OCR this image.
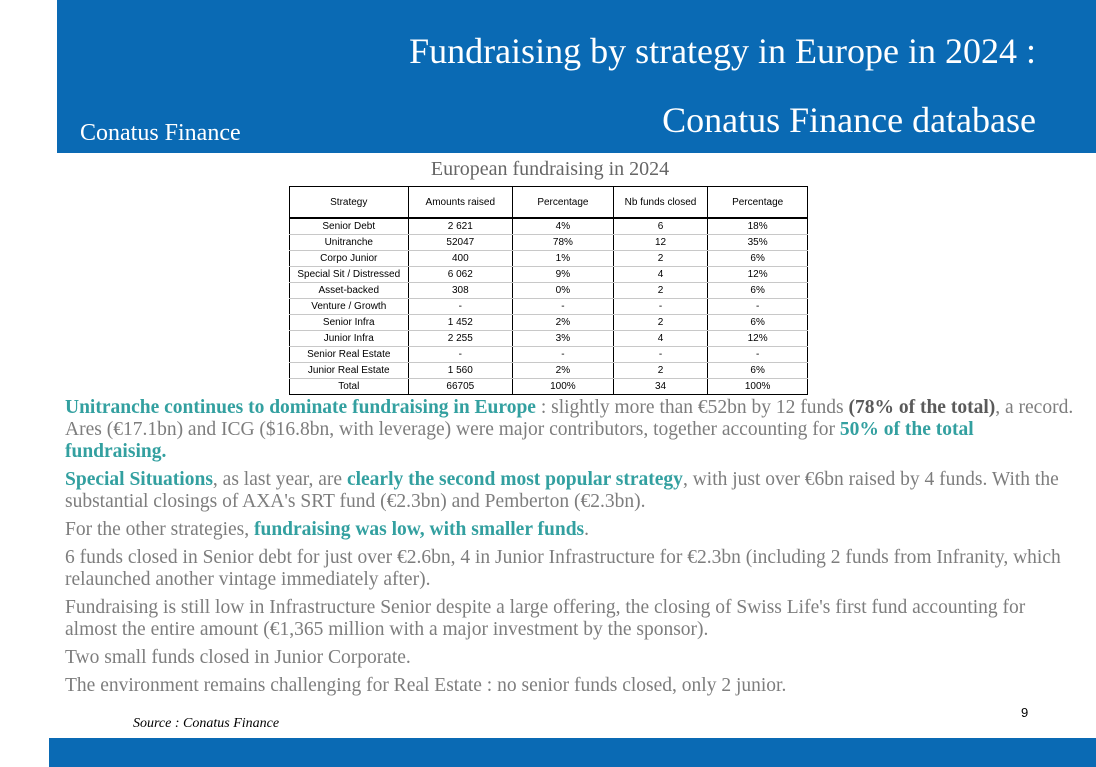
Fundraising by strategy in Europe in 2024 :
Conatus Finance database
Conatus Finance
European fundraising in 2024
Strategy	Amounts raised	Percentage	Nb funds closed	Percentage
Senior Debt	2 621	4%	6	18%
Unitranche	52047	78%	12	35%
Corpo Junior	400	1%	2	6%
Special Sit / Distressed	6 062	9%	4	12%
Asset-backed	308	0%	2	6%
Venture / Growth	-	-	-	-
Senior Infra	1 452	2%	2	6%
Junior Infra	2 255	3%	4	12%
Senior Real Estate	-	-	-	-
Junior Real Estate	1 560	2%	2	6%
Total	66705	100%	34	100%

Unitranche continues to dominate fundraising in Europe : slightly more than €52bn by 12 funds (78% of the total), a record. Ares (€17.1bn) and ICG ($16.8bn, with leverage) were major contributors, together accounting for 50% of the total fundraising.

Special Situations, as last year, are clearly the second most popular strategy, with just over €6bn raised by 4 funds. With the substantial closings of AXA's SRT fund (€2.3bn) and Pemberton (€2.3bn).

For the other strategies, fundraising was low, with smaller funds.

6 funds closed in Senior debt for just over €2.6bn, 4 in Junior Infrastructure for €2.3bn (including 2 funds from Infranity, which relaunched another vintage immediately after).

Fundraising is still low in Infrastructure Senior despite a large offering, the closing of Swiss Life's first fund accounting for almost the entire amount (€1,365 million with a major investment by the sponsor).

Two small funds closed in Junior Corporate.

The environment remains challenging for Real Estate : no senior funds closed, only 2 junior.

Source : Conatus Finance
9
